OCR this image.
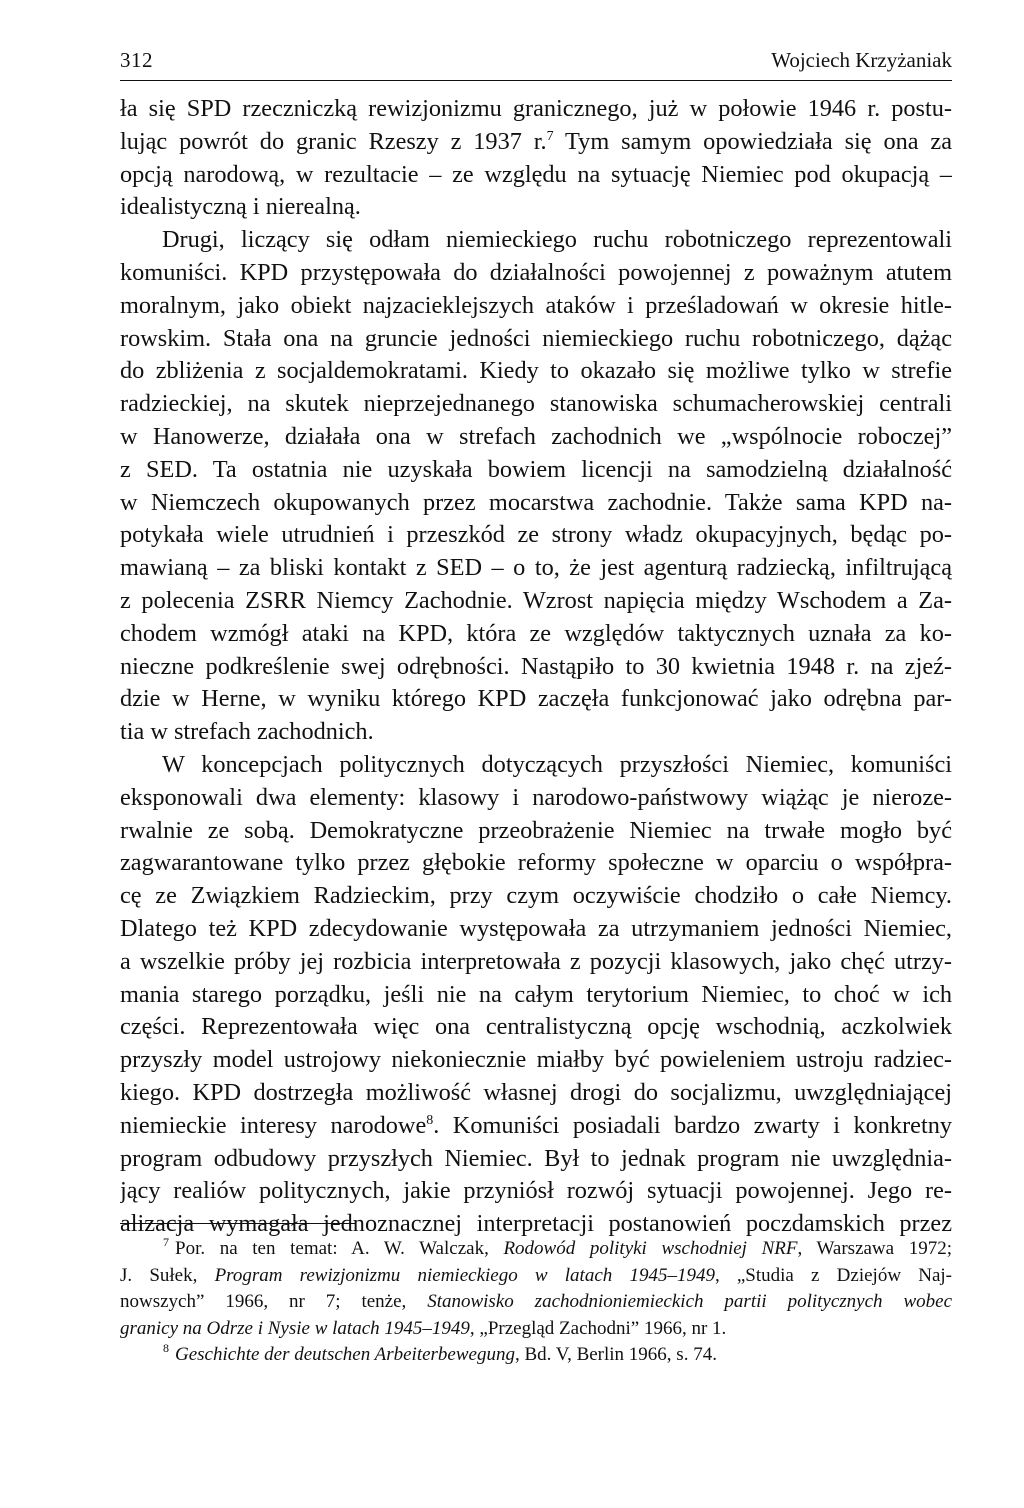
312	Wojciech Krzyżaniak
ła się SPD rzeczniczką rewizjonizmu granicznego, już w połowie 1946 r. postu-
lując powrót do granic Rzeszy z 1937 r.$^7$ Tym samym opowiedziała się ona za
opcją narodową, w rezultacie – ze względu na sytuację Niemiec pod okupacją –
idealistyczną i nierealną.
Drugi, liczący się odłam niemieckiego ruchu robotniczego reprezentowali
komuniści. KPD przystępowała do działalności powojennej z poważnym atutem
moralnym, jako obiekt najzacieklejszych ataków i prześladowań w okresie hitle-
rowskim. Stała ona na gruncie jedności niemieckiego ruchu robotniczego, dążąc
do zbliżenia z socjaldemokratami. Kiedy to okazało się możliwe tylko w strefie
radzieckiej, na skutek nieprzejednanego stanowiska schumacherowskiej centrali
w Hanowerze, działała ona w strefach zachodnich we „wspólnocie roboczej”
z SED. Ta ostatnia nie uzyskała bowiem licencji na samodzielną działalność
w Niemczech okupowanych przez mocarstwa zachodnie. Także sama KPD na-
potykała wiele utrudnień i przeszkód ze strony władz okupacyjnych, będąc po-
mawianą – za bliski kontakt z SED – o to, że jest agenturą radziecką, infiltrującą
z polecenia ZSRR Niemcy Zachodnie. Wzrost napięcia między Wschodem a Za-
chodem wzmógł ataki na KPD, która ze względów taktycznych uznała za ko-
nieczne podkreślenie swej odrębności. Nastąpiło to 30 kwietnia 1948 r. na zjeź-
dzie w Herne, w wyniku którego KPD zaczęła funkcjonować jako odrębna par-
tia w strefach zachodnich.
W koncepcjach politycznych dotyczących przyszłości Niemiec, komuniści
eksponowali dwa elementy: klasowy i narodowo-państwowy wiążąc je nieroze-
rwalnie ze sobą. Demokratyczne przeobrażenie Niemiec na trwałe mogło być
zagwarantowane tylko przez głębokie reformy społeczne w oparciu o współpra-
cę ze Związkiem Radzieckim, przy czym oczywiście chodziło o całe Niemcy.
Dlatego też KPD zdecydowanie występowała za utrzymaniem jedności Niemiec,
a wszelkie próby jej rozbicia interpretowała z pozycji klasowych, jako chęć utrzy-
mania starego porządku, jeśli nie na całym terytorium Niemiec, to choć w ich
części. Reprezentowała więc ona centralistyczną opcję wschodnią, aczkolwiek
przyszły model ustrojowy niekoniecznie miałby być powieleniem ustroju radziec-
kiego. KPD dostrzegła możliwość własnej drogi do socjalizmu, uwzględniającej
niemieckie interesy narodowe$^8$. Komuniści posiadali bardzo zwarty i konkretny
program odbudowy przyszłych Niemiec. Był to jednak program nie uwzględnia-
jący realiów politycznych, jakie przyniósł rozwój sytuacji powojennej. Jego re-
alizacja wymagała jednoznacznej interpretacji postanowień poczdamskich przez
$^7$ Por. na ten temat: A. W. Walczak, Rodowód polityki wschodniej NRF, Warszawa 1972;
J. Sułek, Program rewizjonizmu niemieckiego w latach 1945–1949, „Studia z Dziejów Naj-
nowszych” 1966, nr 7; tenże, Stanowisko zachodnioniemieckich partii politycznych wobec
granicy na Odrze i Nysie w latach 1945–1949, „Przegląd Zachodni” 1966, nr 1.
$^8$ Geschichte der deutschen Arbeiterbewegung, Bd. V, Berlin 1966, s. 74.
